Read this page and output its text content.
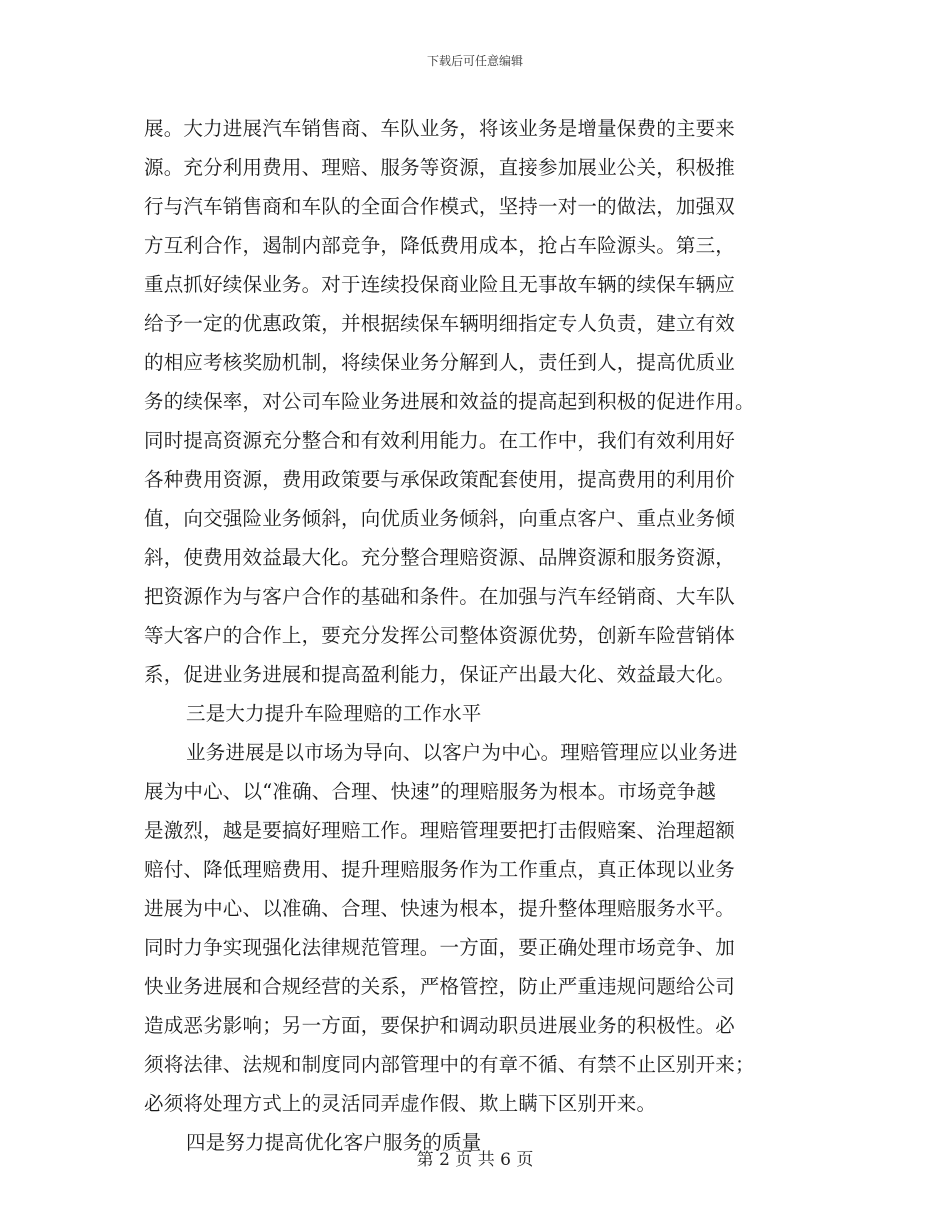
下载后可任意编辑
展。大力进展汽车销售商、车队业务，将该业务是增量保费的主要来
源。充分利用费用、理赔、服务等资源，直接参加展业公关，积极推
行与汽车销售商和车队的全面合作模式，坚持一对一的做法，加强双
方互利合作，遏制内部竞争，降低费用成本，抢占车险源头。第三，
重点抓好续保业务。对于连续投保商业险且无事故车辆的续保车辆应
给予一定的优惠政策，并根据续保车辆明细指定专人负责，建立有效
的相应考核奖励机制，将续保业务分解到人，责任到人，提高优质业
务的续保率，对公司车险业务进展和效益的提高起到积极的促进作用。
同时提高资源充分整合和有效利用能力。在工作中，我们有效利用好
各种费用资源，费用政策要与承保政策配套使用，提高费用的利用价
值，向交强险业务倾斜，向优质业务倾斜，向重点客户、重点业务倾
斜，使费用效益最大化。充分整合理赔资源、品牌资源和服务资源，
把资源作为与客户合作的基础和条件。在加强与汽车经销商、大车队
等大客户的合作上，要充分发挥公司整体资源优势，创新车险营销体
系，促进业务进展和提高盈利能力，保证产出最大化、效益最大化。
三是大力提升车险理赔的工作水平
业务进展是以市场为导向、以客户为中心。理赔管理应以业务进
展为中心、以“准确、合理、快速”的理赔服务为根本。市场竞争越
是激烈，越是要搞好理赔工作。理赔管理要把打击假赔案、治理超额
赔付、降低理赔费用、提升理赔服务作为工作重点，真正体现以业务
进展为中心、以准确、合理、快速为根本，提升整体理赔服务水平。
同时力争实现强化法律规范管理。一方面，要正确处理市场竞争、加
快业务进展和合规经营的关系，严格管控，防止严重违规问题给公司
造成恶劣影响；另一方面，要保护和调动职员进展业务的积极性。必
须将法律、法规和制度同内部管理中的有章不循、有禁不止区别开来；
必须将处理方式上的灵活同弄虚作假、欺上瞒下区别开来。
四是努力提高优化客户服务的质量
第 2 页 共 6 页
